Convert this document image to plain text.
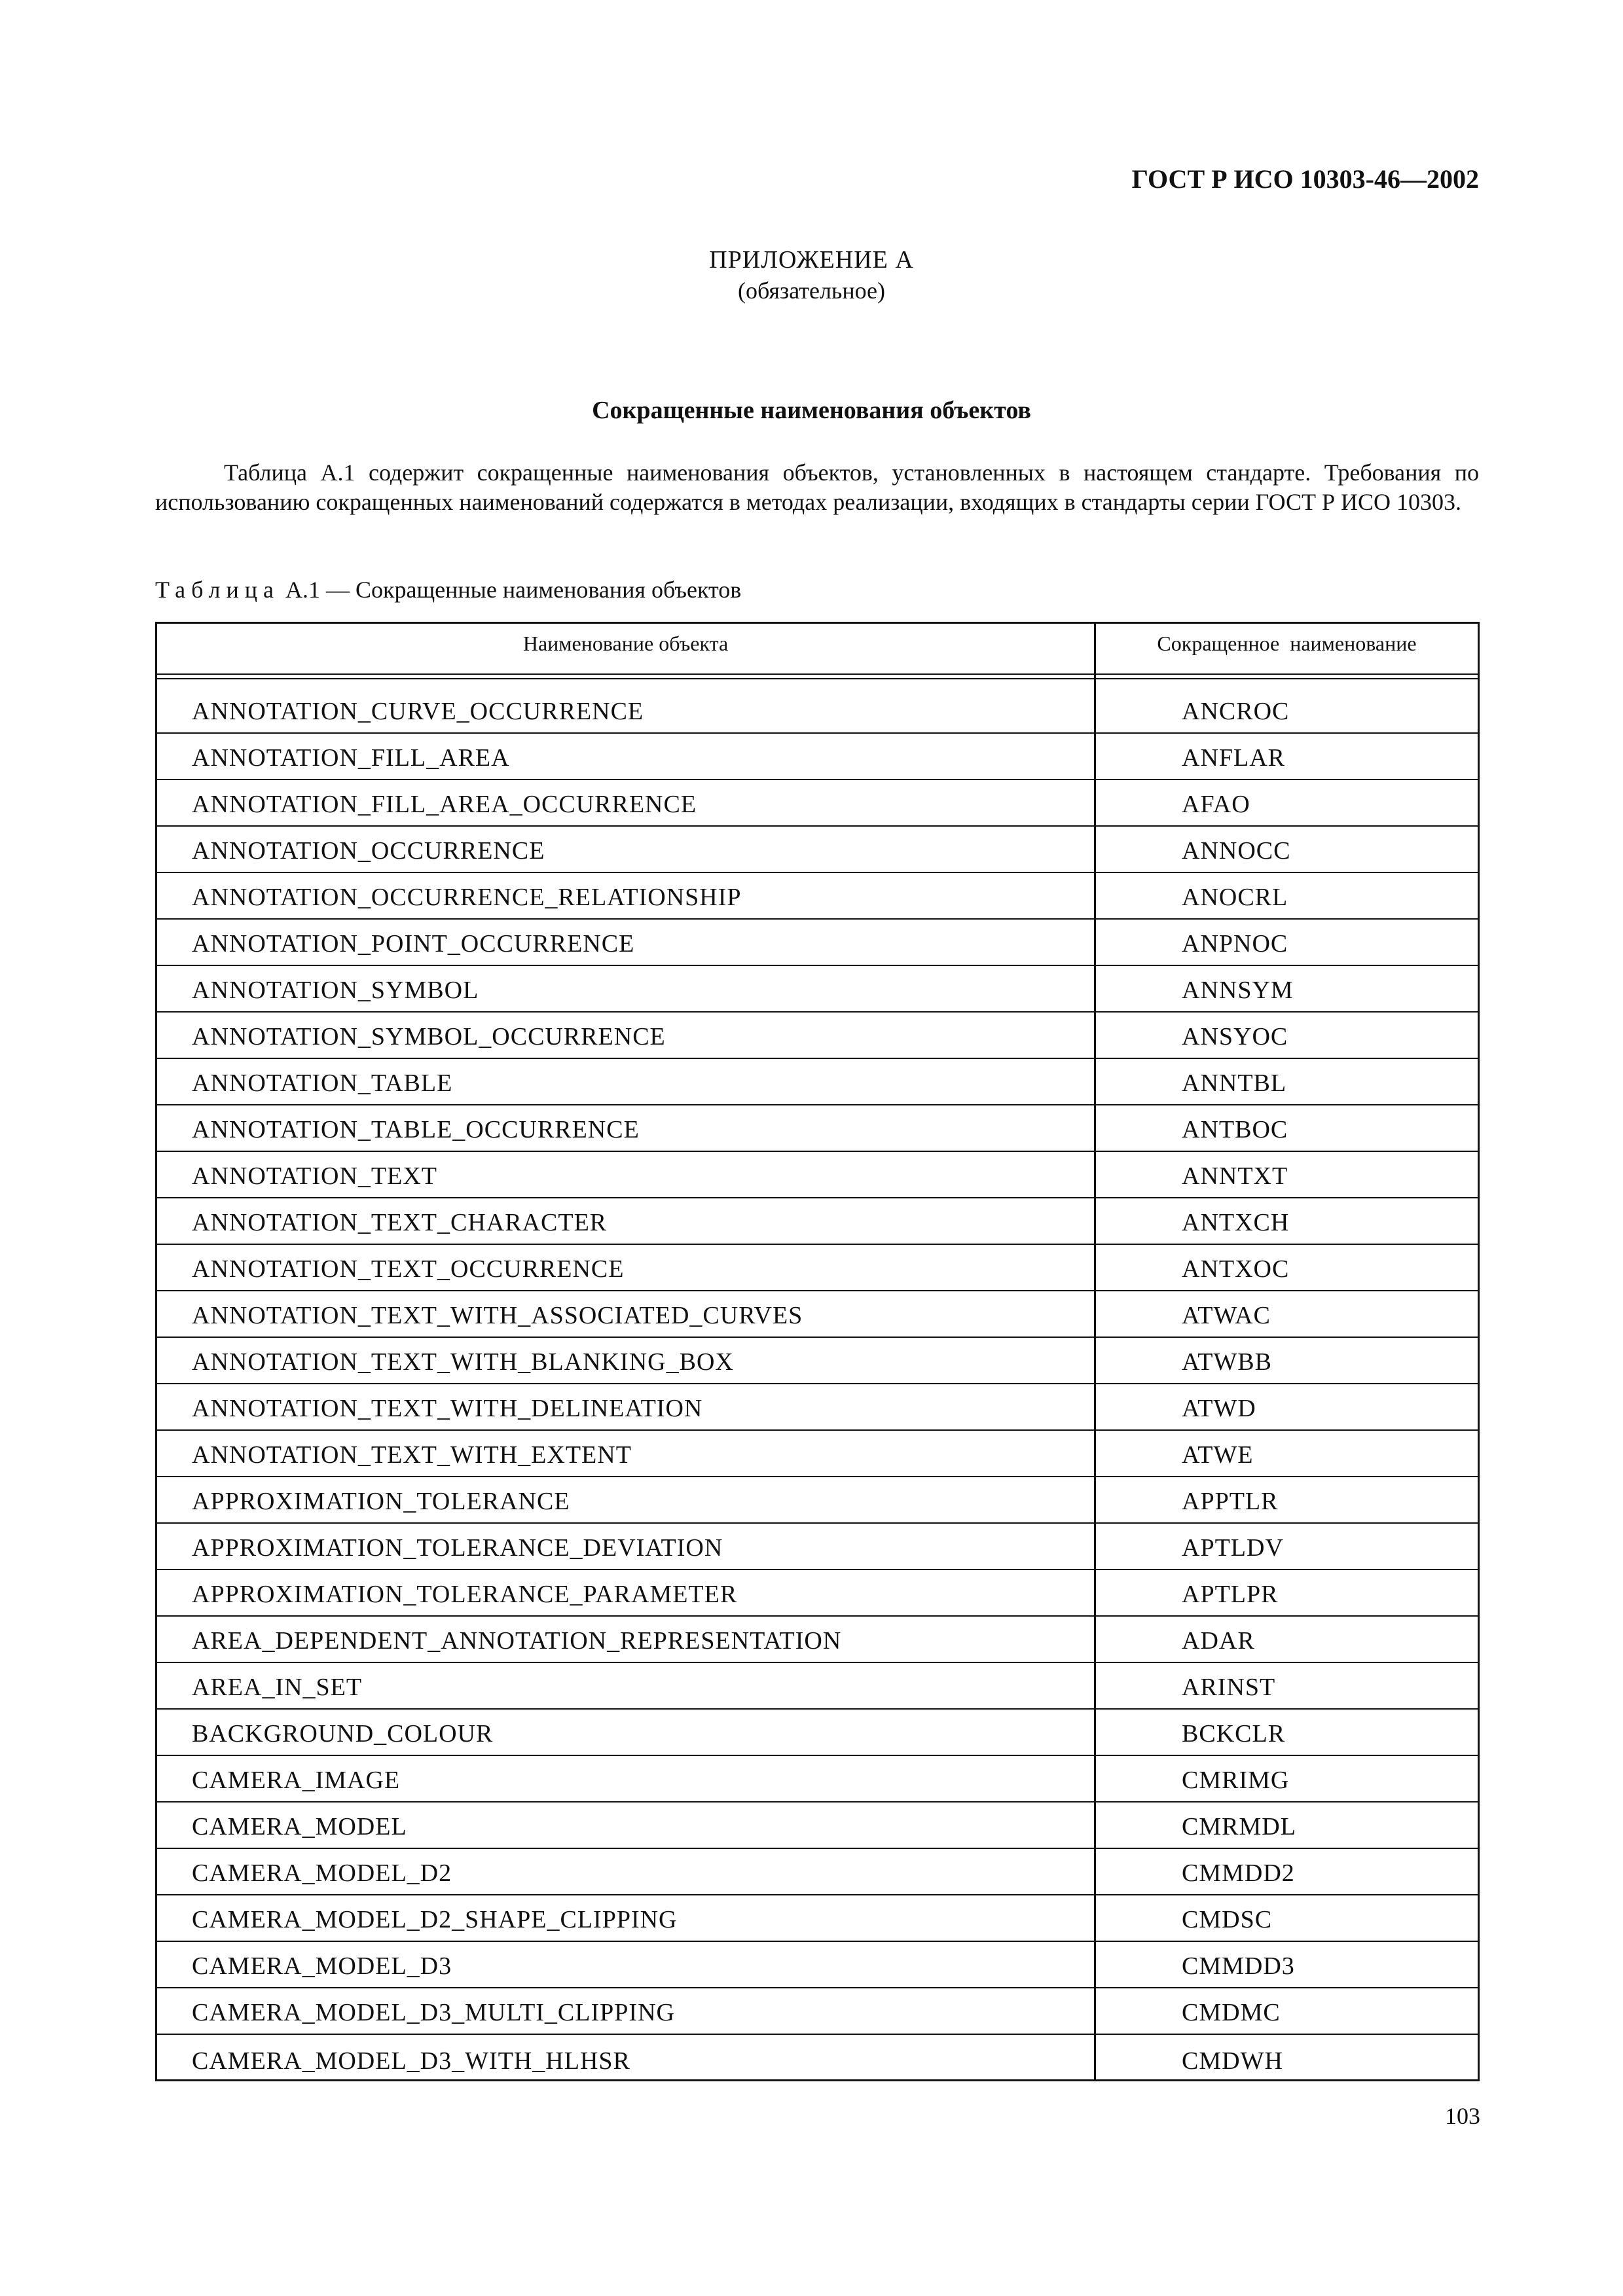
ГОСТ Р ИСО 10303-46—2002
ПРИЛОЖЕНИЕ А
(обязательное)
Сокращенные наименования объектов

Таблица А.1 содержит сокращенные наименования объектов, установленных в настоящем стандарте. Требования по использованию сокращенных наименований содержатся в методах реализации, входящих в стандарты серии ГОСТ Р ИСО 10303.

Таблица А.1 — Сокращенные наименования объектов
Наименование объекта	Сокращенное  наименование
ANNOTATION_CURVE_OCCURRENCE	ANCROC
ANNOTATION_FILL_AREA	ANFLAR
ANNOTATION_FILL_AREA_OCCURRENCE	AFAO
ANNOTATION_OCCURRENCE	ANNOCC
ANNOTATION_OCCURRENCE_RELATIONSHIP	ANOCRL
ANNOTATION_POINT_OCCURRENCE	ANPNOC
ANNOTATION_SYMBOL	ANNSYM
ANNOTATION_SYMBOL_OCCURRENCE	ANSYOC
ANNOTATION_TABLE	ANNTBL
ANNOTATION_TABLE_OCCURRENCE	ANTBOC
ANNOTATION_TEXT	ANNTXT
ANNOTATION_TEXT_CHARACTER	ANTXCH
ANNOTATION_TEXT_OCCURRENCE	ANTXOC
ANNOTATION_TEXT_WITH_ASSOCIATED_CURVES	ATWAC
ANNOTATION_TEXT_WITH_BLANKING_BOX	ATWBB
ANNOTATION_TEXT_WITH_DELINEATION	ATWD
ANNOTATION_TEXT_WITH_EXTENT	ATWE
APPROXIMATION_TOLERANCE	APPTLR
APPROXIMATION_TOLERANCE_DEVIATION	APTLDV
APPROXIMATION_TOLERANCE_PARAMETER	APTLPR
AREA_DEPENDENT_ANNOTATION_REPRESENTATION	ADAR
AREA_IN_SET	ARINST
BACKGROUND_COLOUR	BCKCLR
CAMERA_IMAGE	CMRIMG
CAMERA_MODEL	CMRMDL
CAMERA_MODEL_D2	CMMDD2
CAMERA_MODEL_D2_SHAPE_CLIPPING	CMDSC
CAMERA_MODEL_D3	CMMDD3
CAMERA_MODEL_D3_MULTI_CLIPPING	CMDMC
CAMERA_MODEL_D3_WITH_HLHSR	CMDWH
103
